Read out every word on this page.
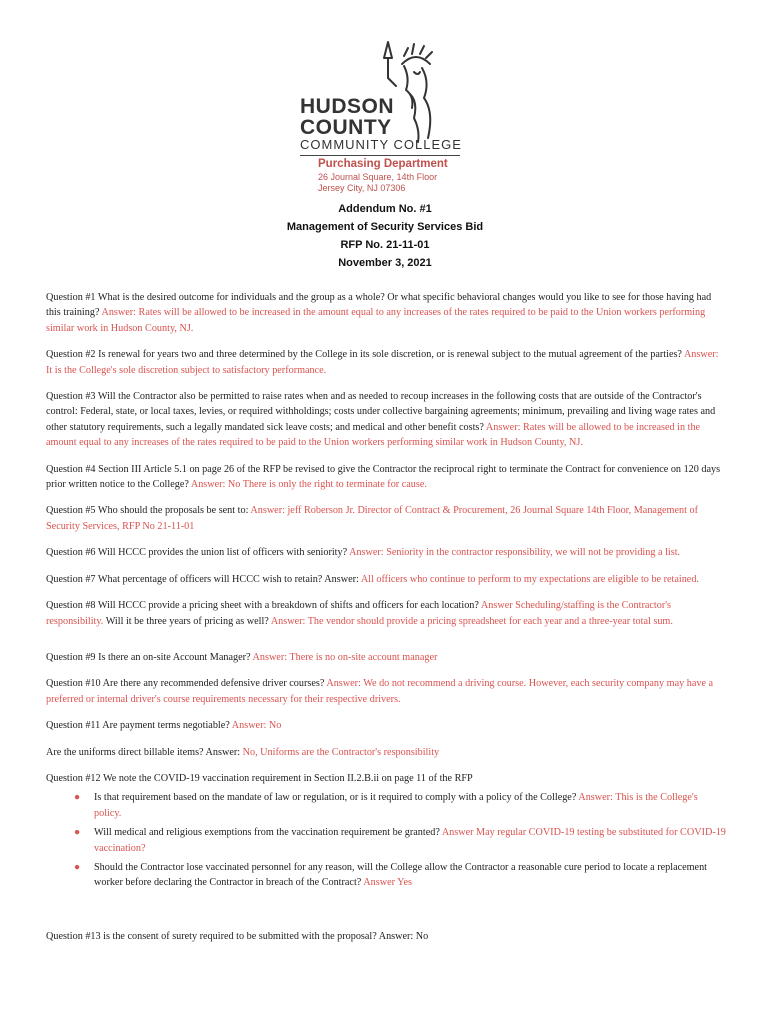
HUDSON
COUNTY
COMMUNITY COLLEGE
Purchasing Department
26 Journal Square, 14th Floor
Jersey City, NJ 07306
Addendum No. #1
Management of Security Services Bid
RFP No. 21-11-01
November 3, 2021

Question #1 What is the desired outcome for individuals and the group as a whole? Or what specific behavioral changes would you like to see for those having had this training? Answer: Rates will be allowed to be increased in the amount equal to any increases of the rates required to be paid to the Union workers performing similar work in Hudson County, NJ.

Question #2 Is renewal for years two and three determined by the College in its sole discretion, or is renewal subject to the mutual agreement of the parties? Answer: It is the College's sole discretion subject to satisfactory performance.

Question #3 Will the Contractor also be permitted to raise rates when and as needed to recoup increases in the following costs that are outside of the Contractor's control: Federal, state, or local taxes, levies, or required withholdings; costs under collective bargaining agreements; minimum, prevailing and living wage rates and other statutory requirements, such a legally mandated sick leave costs; and medical and other benefit costs? Answer: Rates will be allowed to be increased in the amount equal to any increases of the rates required to be paid to the Union workers performing similar work in Hudson County, NJ.

Question #4 Section III Article 5.1 on page 26 of the RFP be revised to give the Contractor the reciprocal right to terminate the Contract for convenience on 120 days prior written notice to the College? Answer: No There is only the right to terminate for cause.

Question #5 Who should the proposals be sent to: Answer: jeff Roberson Jr. Director of Contract & Procurement, 26 Journal Square 14th Floor, Management of Security Services, RFP No 21-11-01

Question #6 Will HCCC provides the union list of officers with seniority? Answer: Seniority in the contractor responsibility, we will not be providing a list.

Question #7 What percentage of officers will HCCC wish to retain? Answer: All officers who continue to perform to my expectations are eligible to be retained.

Question #8 Will HCCC provide a pricing sheet with a breakdown of shifts and officers for each location? Answer Scheduling/staffing is the Contractor's responsibility. Will it be three years of pricing as well? Answer: The vendor should provide a pricing spreadsheet for each year and a three-year total sum.

Question #9 Is there an on-site Account Manager? Answer: There is no on-site account manager

Question #10 Are there any recommended defensive driver courses? Answer: We do not recommend a driving course. However, each security company may have a preferred or internal driver's course requirements necessary for their respective drivers.

Question #11 Are payment terms negotiable? Answer: No

Are the uniforms direct billable items? Answer: No, Uniforms are the Contractor's responsibility

Question #12 We note the COVID-19 vaccination requirement in Section II.2.B.ii on page 11 of the RFP

● Is that requirement based on the mandate of law or regulation, or is it required to comply with a policy of the College? Answer: This is the College's policy.
● Will medical and religious exemptions from the vaccination requirement be granted? Answer May regular COVID-19 testing be substituted for COVID-19 vaccination?
● Should the Contractor lose vaccinated personnel for any reason, will the College allow the Contractor a reasonable cure period to locate a replacement worker before declaring the Contractor in breach of the Contract? Answer Yes

Question #13 is the consent of surety required to be submitted with the proposal? Answer: No
